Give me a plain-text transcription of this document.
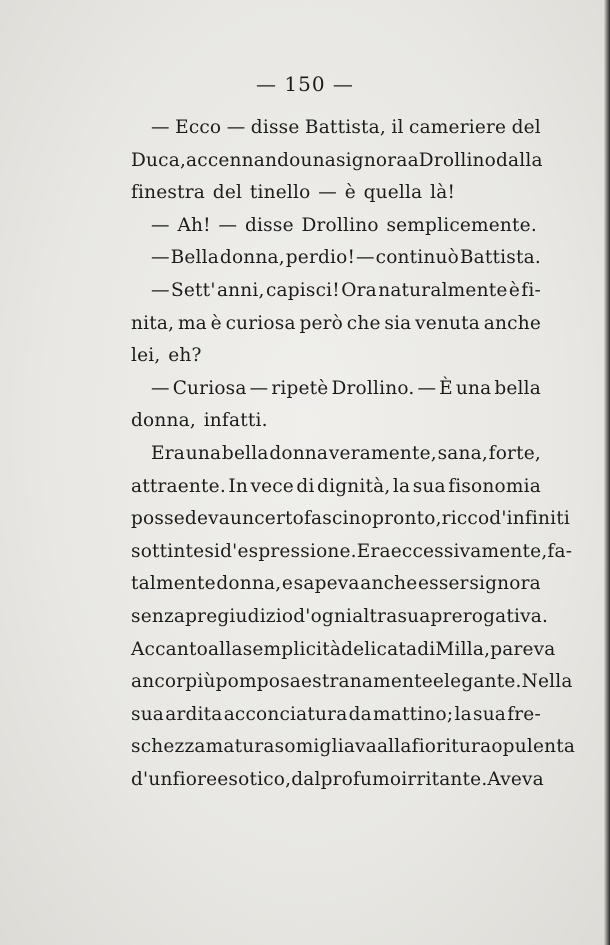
— 150 —
— Ecco — disse Battista, il cameriere del
Duca, accennando una signora a Drollino dalla
finestra del tinello — è quella là!
— Ah! — disse Drollino semplicemente.
— Bella donna, perdio! — continuò Battista.
— Sett' anni, capisci! Ora naturalmente è fi-
nita, ma è curiosa però che sia venuta anche
lei, eh?
— Curiosa — ripetè Drollino. — È una bella
donna, infatti.
Era una bella donna veramente, sana, forte,
attraente. In vece di dignità, la sua fisonomia
possedeva un certo fascino pronto, ricco d'infiniti
sottintesi d' espressione. Era eccessivamente, fa-
talmente donna, e sapeva anche esser signora
senza pregiudizio d' ogni altra sua prerogativa.
Accanto alla semplicità delicata di Milla, pareva
ancor più pomposa e stranamente elegante. Nella
sua ardita acconciatura da mattino; la sua fre-
schezza matura somigliava alla fioritura opulenta
d'un fiore esotico, dal profumo irritante. Aveva
